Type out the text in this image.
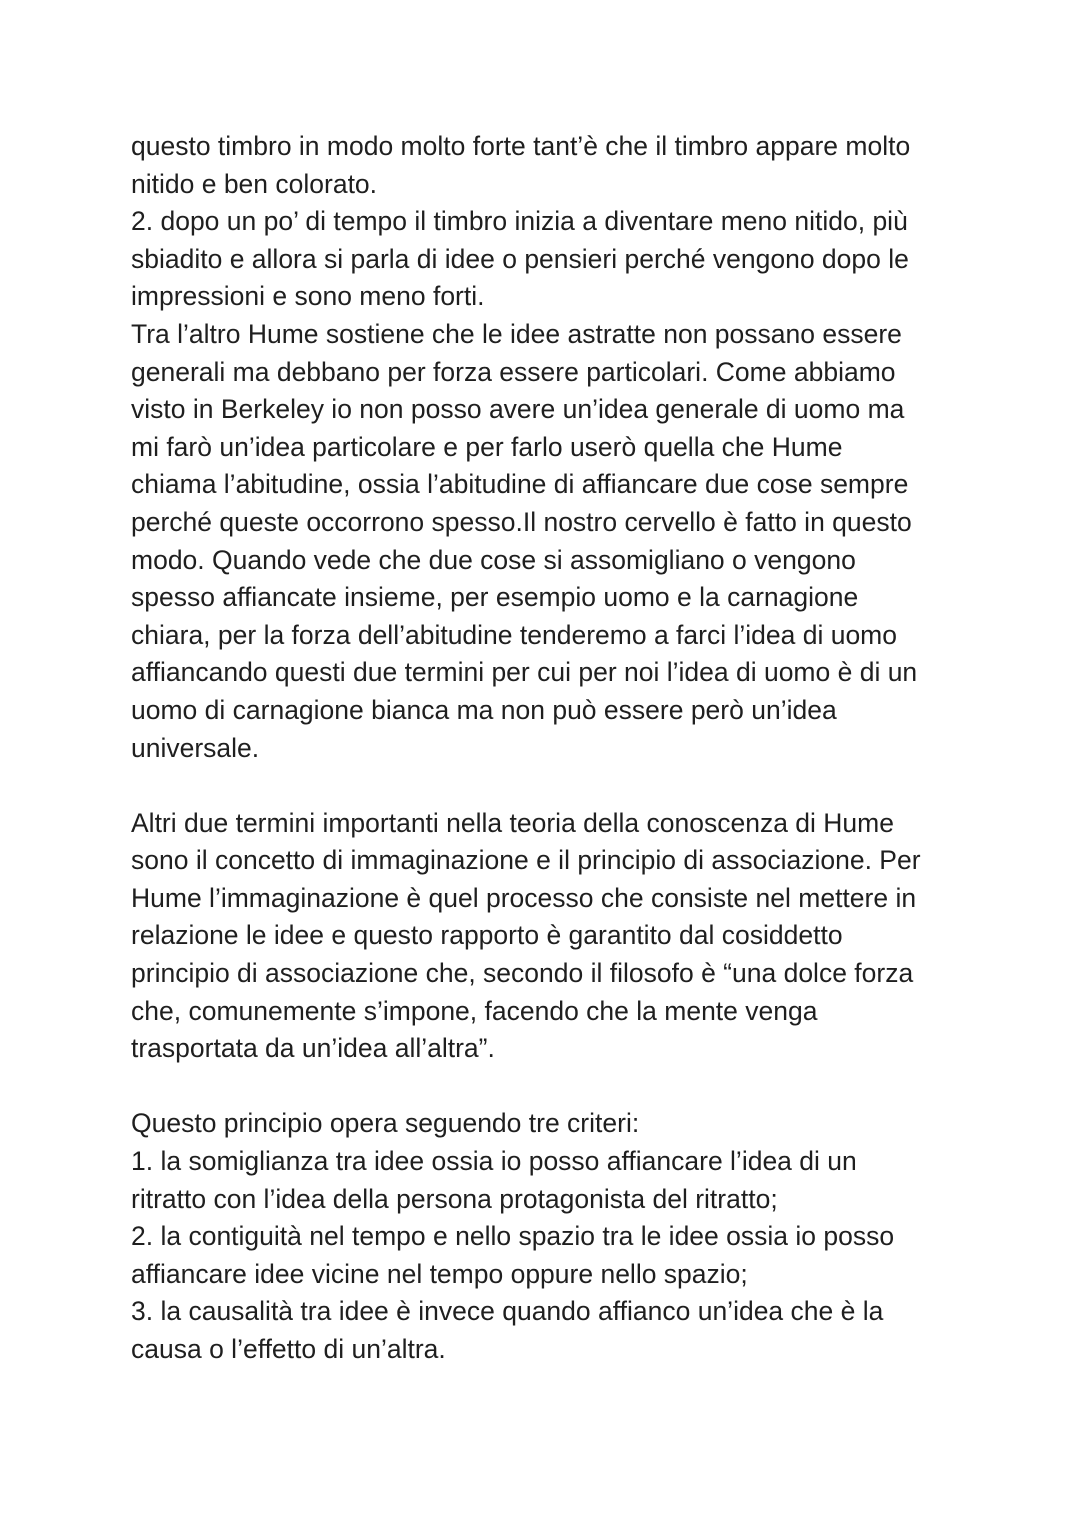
questo timbro in modo molto forte tant’è che il timbro appare molto
nitido e ben colorato.
2. dopo un po’ di tempo il timbro inizia a diventare meno nitido, più
sbiadito e allora si parla di idee o pensieri perché vengono dopo le
impressioni e sono meno forti.
Tra l’altro Hume sostiene che le idee astratte non possano essere
generali ma debbano per forza essere particolari. Come abbiamo
visto in Berkeley io non posso avere un’idea generale di uomo ma
mi farò un’idea particolare e per farlo userò quella che Hume
chiama l’abitudine, ossia l’abitudine di affiancare due cose sempre
perché queste occorrono spesso.Il nostro cervello è fatto in questo
modo. Quando vede che due cose si assomigliano o vengono
spesso affiancate insieme, per esempio uomo e la carnagione
chiara, per la forza dell’abitudine tenderemo a farci l’idea di uomo
affiancando questi due termini per cui per noi l’idea di uomo è di un
uomo di carnagione bianca ma non può essere però un’idea
universale.
Altri due termini importanti nella teoria della conoscenza di Hume
sono il concetto di immaginazione e il principio di associazione. Per
Hume l’immaginazione è quel processo che consiste nel mettere in
relazione le idee e questo rapporto è garantito dal cosiddetto
principio di associazione che, secondo il filosofo è “una dolce forza
che, comunemente s’impone, facendo che la mente venga
trasportata da un’idea all’altra”.
Questo principio opera seguendo tre criteri:
1. la somiglianza tra idee ossia io posso affiancare l’idea di un
ritratto con l’idea della persona protagonista del ritratto;
2. la contiguità nel tempo e nello spazio tra le idee ossia io posso
affiancare idee vicine nel tempo oppure nello spazio;
3. la causalità tra idee è invece quando affianco un’idea che è la
causa o l’effetto di un’altra.
